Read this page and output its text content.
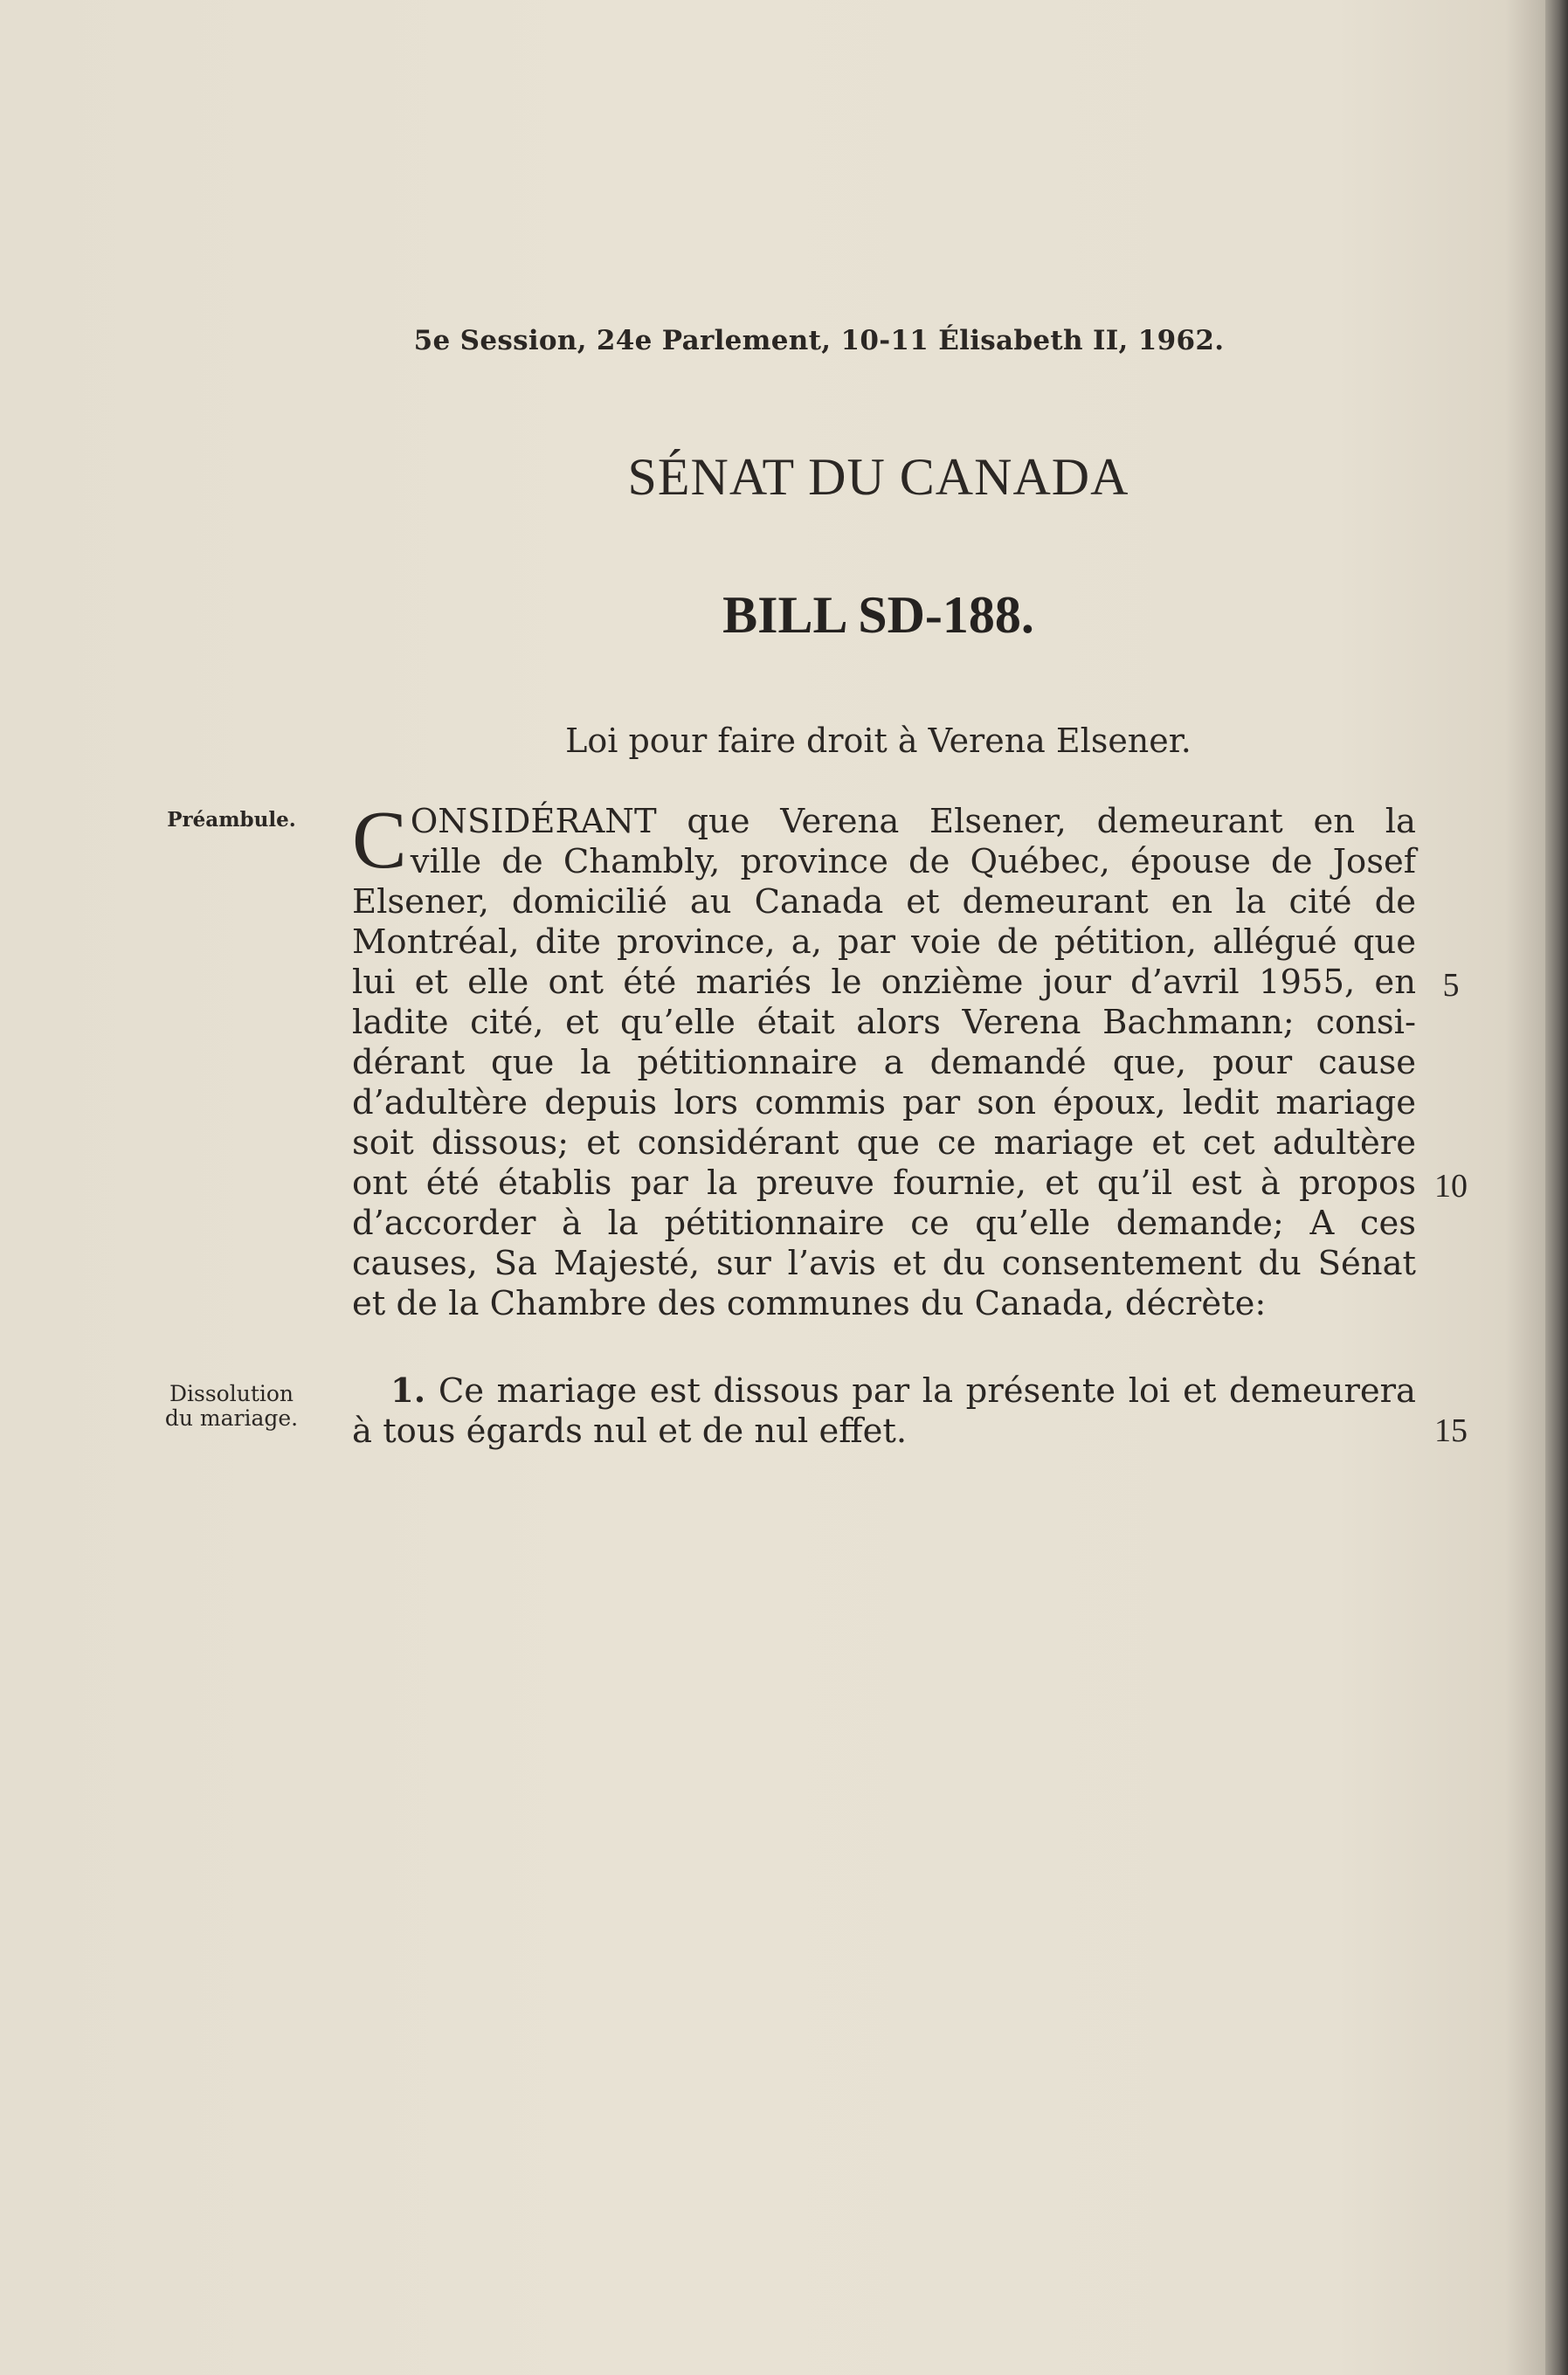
5e Session, 24e Parlement, 10-11 Élisabeth II, 1962.
SÉNAT DU CANADA
BILL SD-188.
Loi pour faire droit à Verena Elsener.
Préambule.
Dissolution
du mariage.
C ONSIDÉRANT que Verena Elsener, demeurant en la
ville de Chambly, province de Québec, épouse de Josef
Elsener, domicilié au Canada et demeurant en la cité de
Montréal, dite province, a, par voie de pétition, allégué que
lui et elle ont été mariés le onzième jour d’avril 1955, en
ladite cité, et qu’elle était alors Verena Bachmann; consi-
dérant que la pétitionnaire a demandé que, pour cause
d’adultère depuis lors commis par son époux, ledit mariage
soit dissous; et considérant que ce mariage et cet adultère
ont été établis par la preuve fournie, et qu’il est à propos
d’accorder à la pétitionnaire ce qu’elle demande; A ces
causes, Sa Majesté, sur l’avis et du consentement du Sénat
et de la Chambre des communes du Canada, décrète:
1. Ce mariage est dissous par la présente loi et demeurera
à tous égards nul et de nul effet.
5
10
15
